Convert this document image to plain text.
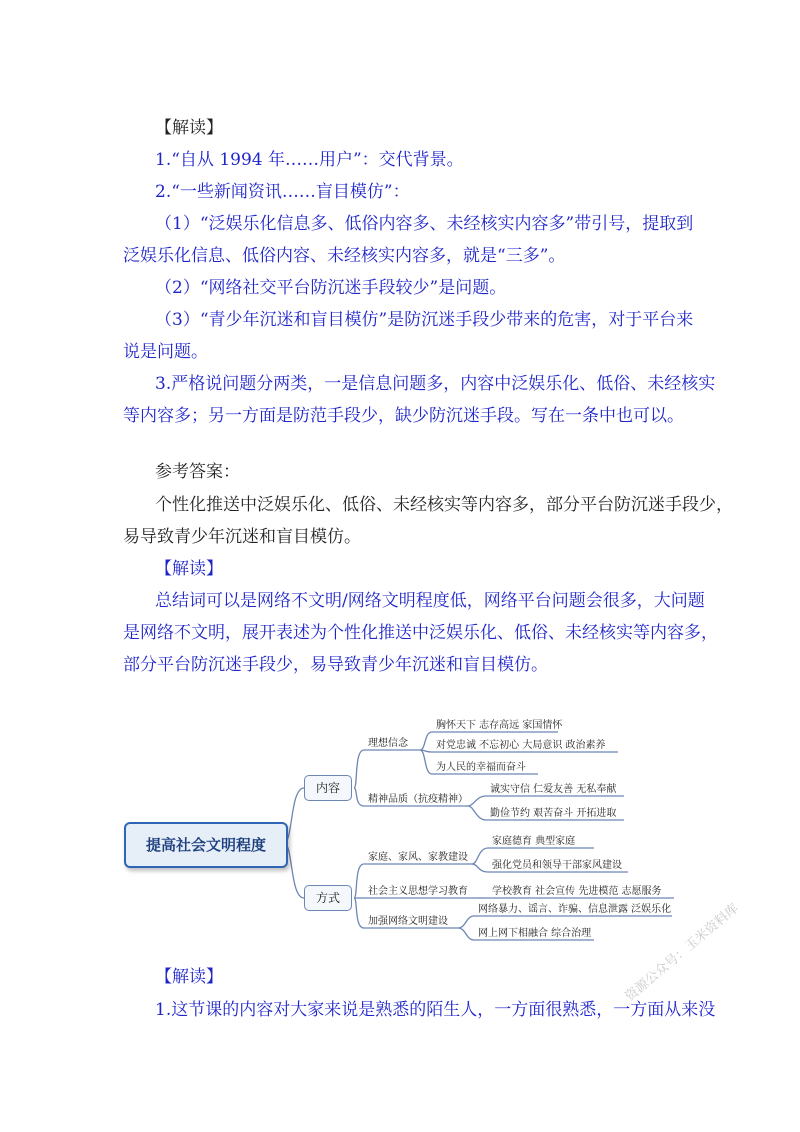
【解读】
1.“自从 1994 年……用户”：交代背景。
2.“一些新闻资讯……盲目模仿”：
（1）“泛娱乐化信息多、低俗内容多、未经核实内容多”带引号，提取到
泛娱乐化信息、低俗内容、未经核实内容多，就是“三多”。
（2）“网络社交平台防沉迷手段较少”是问题。
（3）“青少年沉迷和盲目模仿”是防沉迷手段少带来的危害，对于平台来
说是问题。
3.严格说问题分两类，一是信息问题多，内容中泛娱乐化、低俗、未经核实
等内容多；另一方面是防范手段少，缺少防沉迷手段。写在一条中也可以。
参考答案：
个性化推送中泛娱乐化、低俗、未经核实等内容多，部分平台防沉迷手段少，
易导致青少年沉迷和盲目模仿。
【解读】
总结词可以是网络不文明/网络文明程度低，网络平台问题会很多，大问题
是网络不文明，展开表述为个性化推送中泛娱乐化、低俗、未经核实等内容多，
部分平台防沉迷手段少，易导致青少年沉迷和盲目模仿。
提高社会文明程度
内容
方式
理想信念
精神品质（抗疫精神）
胸怀天下 志存高远 家国情怀
对党忠诚 不忘初心 大局意识 政治素养
为人民的幸福而奋斗
诚实守信 仁爱友善 无私奉献
勤俭节约 艰苦奋斗 开拓进取
家庭、家风、家教建设
社会主义思想学习教育
加强网络文明建设
家庭德育 典型家庭
强化党员和领导干部家风建设
学校教育 社会宣传 先进模范 志愿服务
网络暴力、谣言、诈骗、信息泄露 泛娱乐化
网上网下相融合 综合治理
【解读】
1.这节课的内容对大家来说是熟悉的陌生人，一方面很熟悉，一方面从来没
资源公众号：玉米资料库
